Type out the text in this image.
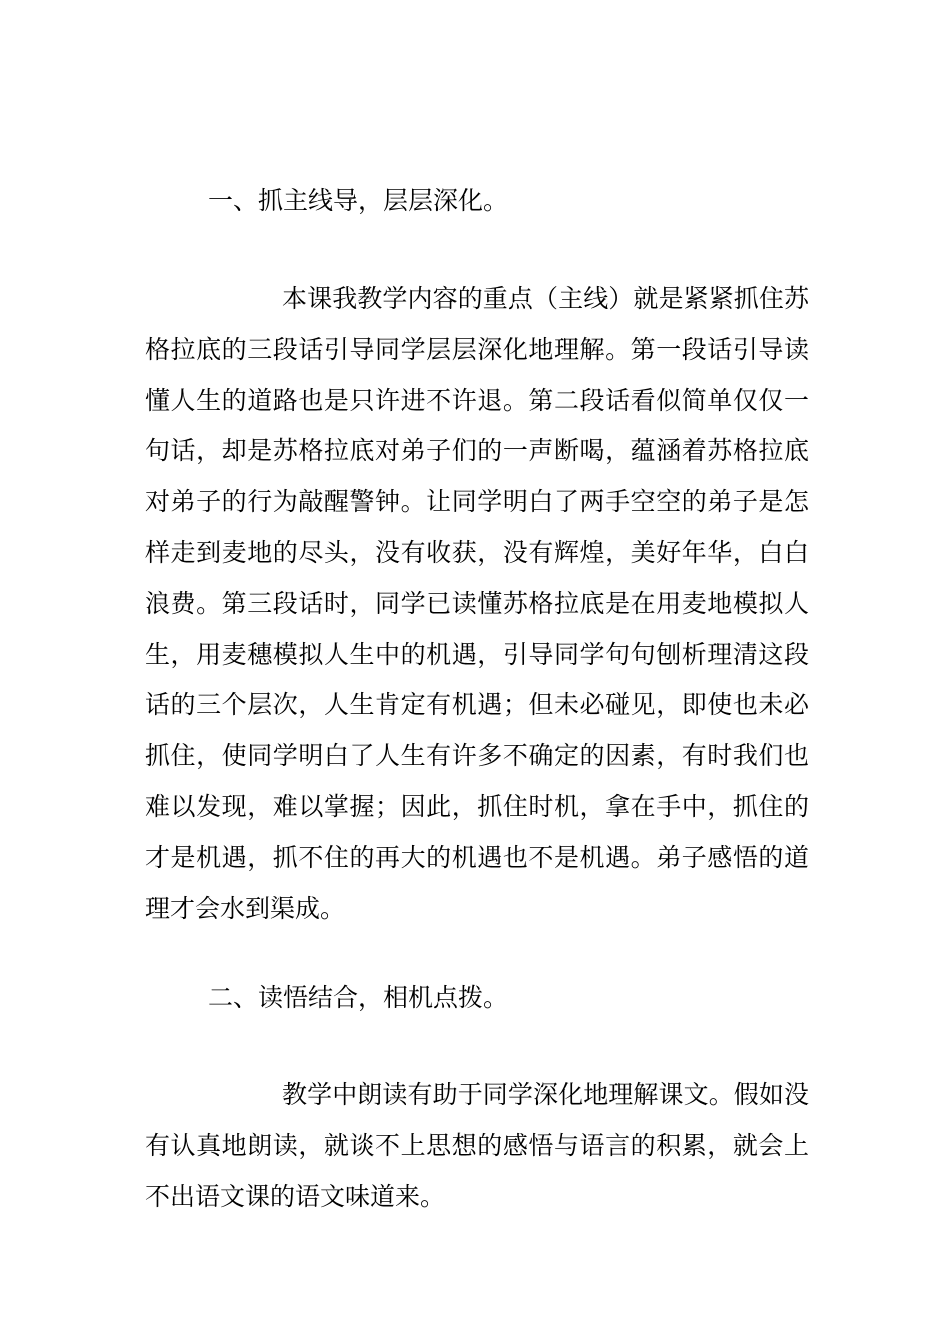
一、抓主线导，层层深化。

本课我教学内容的重点（主线）就是紧紧抓住苏格拉底的三段话引导同学层层深化地理解。第一段话引导读懂人生的道路也是只许进不许退。第二段话看似简单仅仅一句话，却是苏格拉底对弟子们的一声断喝，蕴涵着苏格拉底对弟子的行为敲醒警钟。让同学明白了两手空空的弟子是怎样走到麦地的尽头，没有收获，没有辉煌，美好年华，白白浪费。第三段话时，同学已读懂苏格拉底是在用麦地模拟人生，用麦穗模拟人生中的机遇，引导同学句句刨析理清这段话的三个层次，人生肯定有机遇；但未必碰见，即使也未必抓住，使同学明白了人生有许多不确定的因素，有时我们也难以发现，难以掌握；因此，抓住时机，拿在手中，抓住的才是机遇，抓不住的再大的机遇也不是机遇。弟子感悟的道理才会水到渠成。

二、读悟结合，相机点拨。

教学中朗读有助于同学深化地理解课文。假如没有认真地朗读，就谈不上思想的感悟与语言的积累，就会上不出语文课的语文味道来。
